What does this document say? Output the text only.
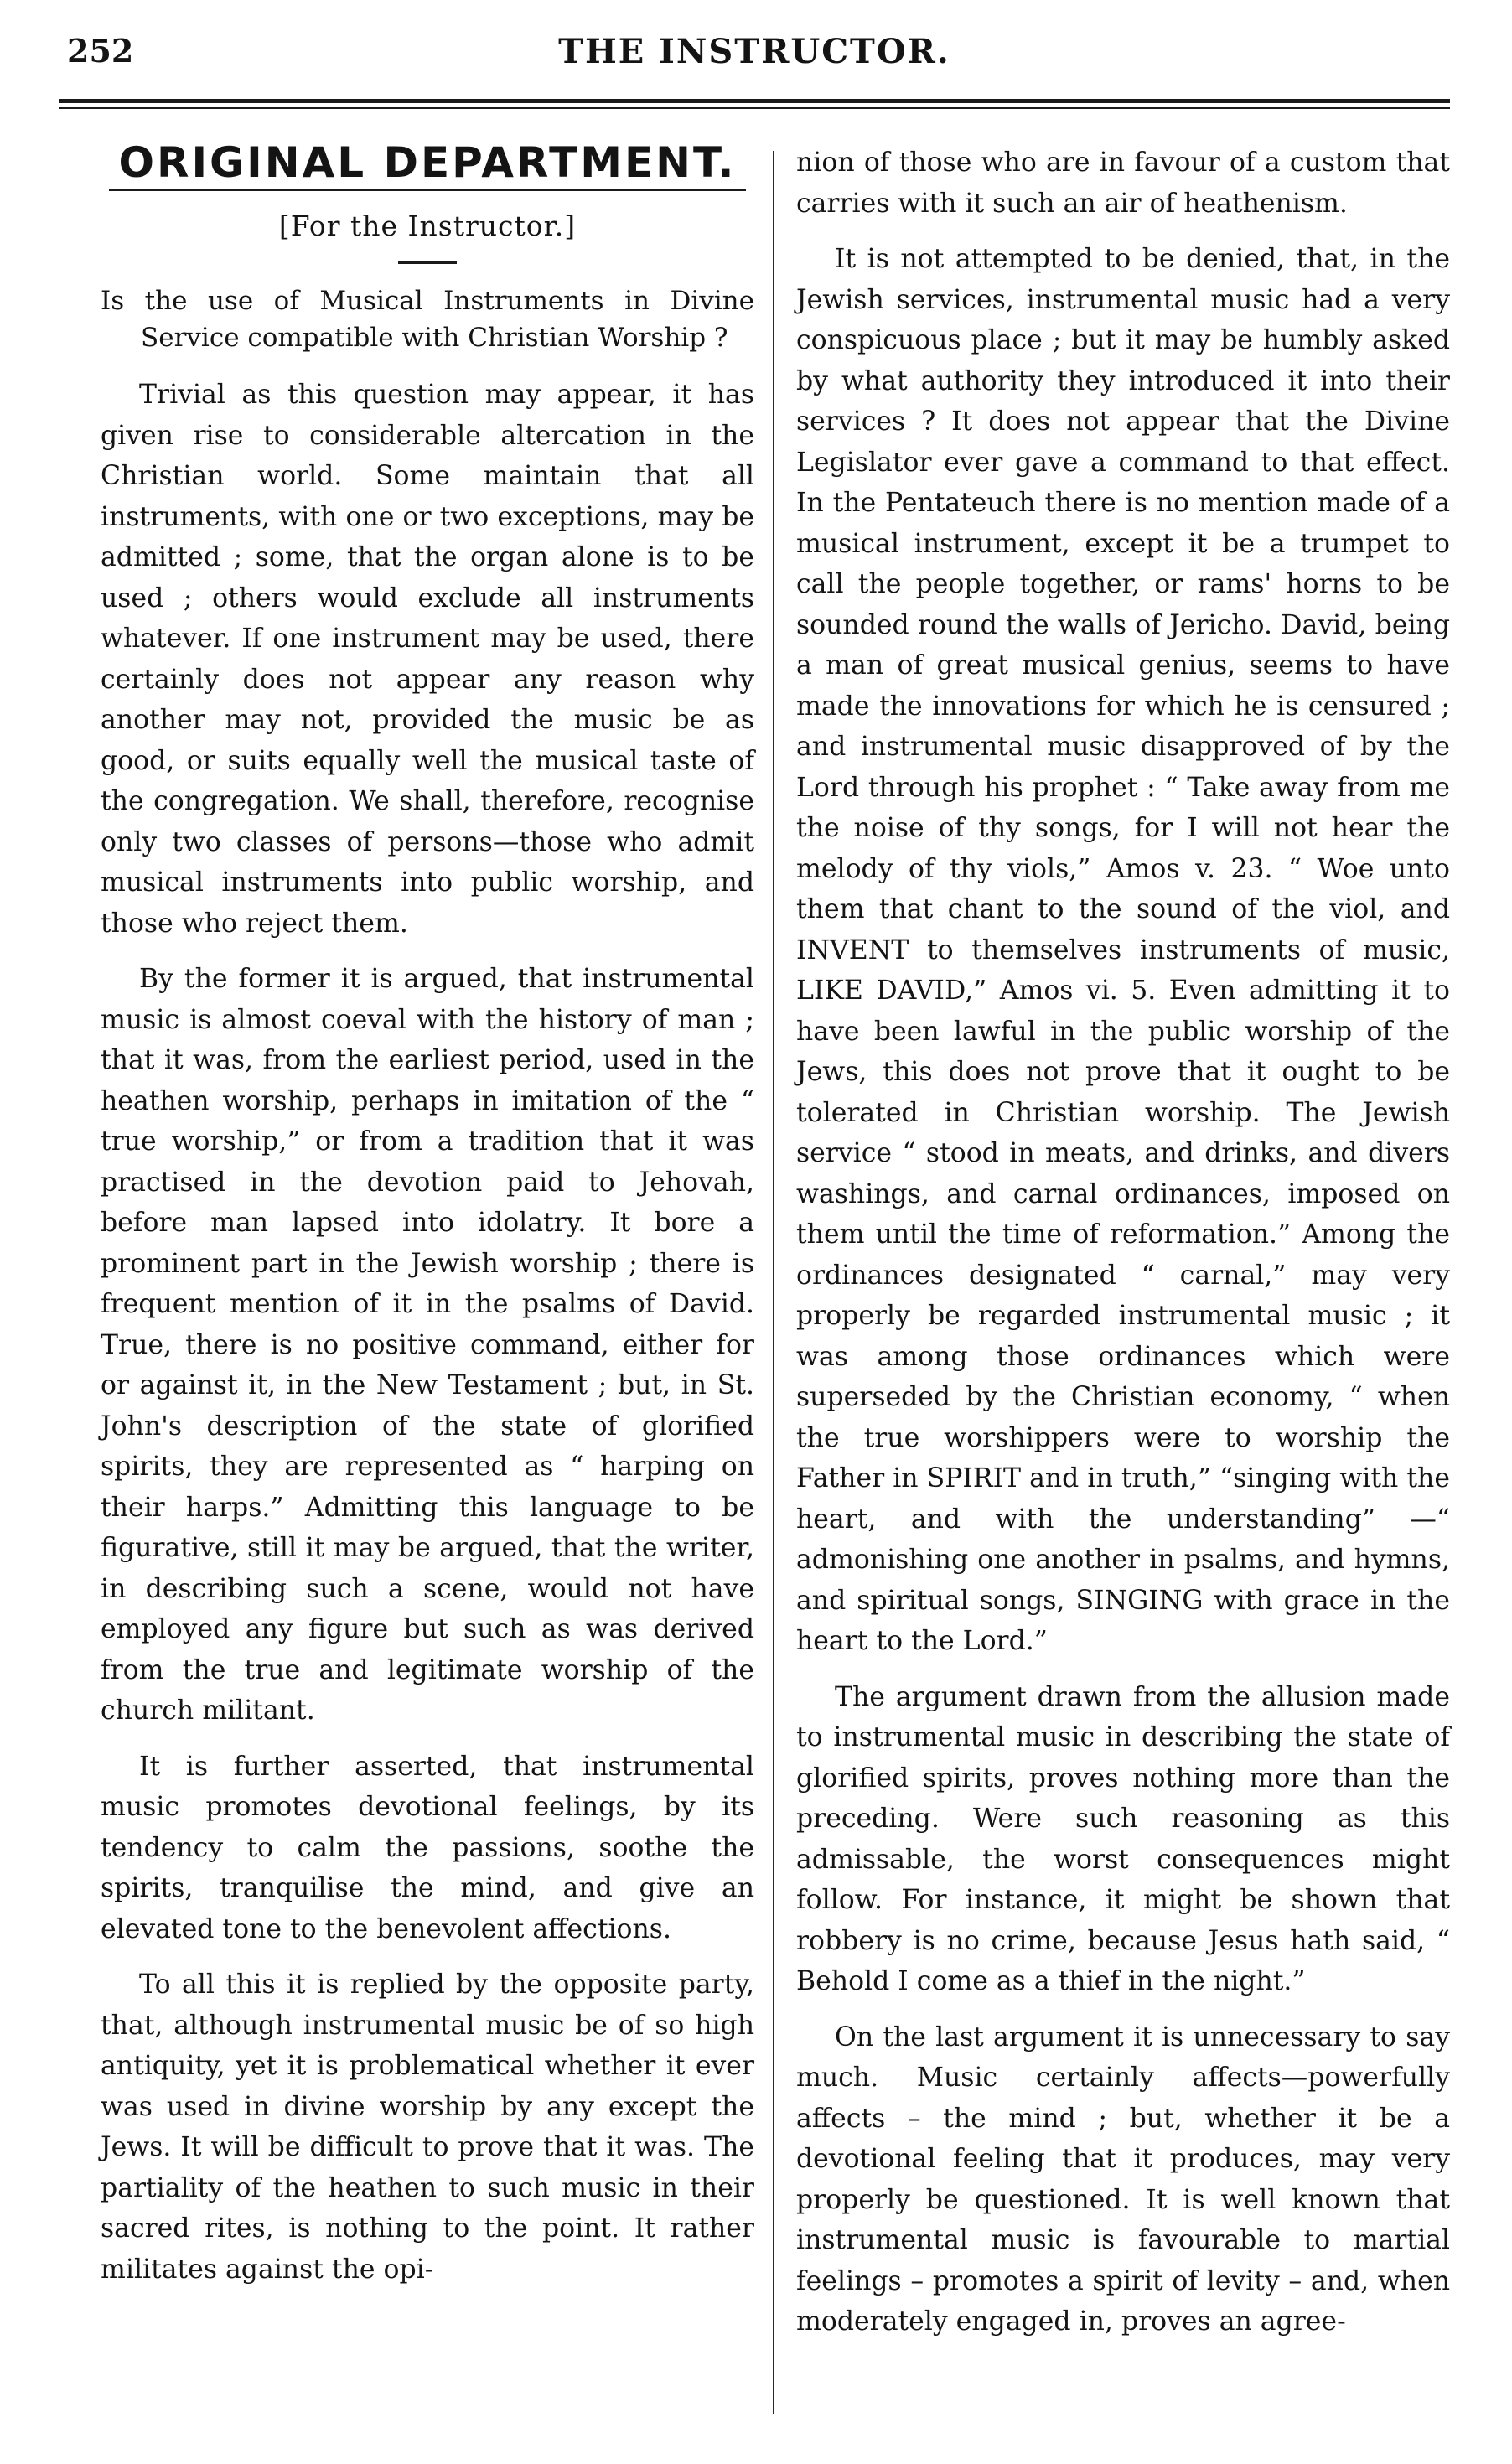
252	THE INSTRUCTOR.
ORIGINAL DEPARTMENT.
[For the Instructor.]
Is the use of Musical Instruments in Divine Service compatible with Christian Worship ?

Trivial as this question may appear, it has given rise to considerable altercation in the Christian world. Some maintain that all instruments, with one or two exceptions, may be admitted ; some, that the organ alone is to be used ; others would exclude all instruments whatever. If one instrument may be used, there certainly does not appear any reason why another may not, provided the music be as good, or suits equally well the musical taste of the congregation. We shall, therefore, recognise only two classes of persons—those who admit musical instruments into public worship, and those who reject them.

By the former it is argued, that instrumental music is almost coeval with the history of man ; that it was, from the earliest period, used in the heathen worship, perhaps in imitation of the “ true worship,” or from a tradition that it was practised in the devotion paid to Jehovah, before man lapsed into idolatry. It bore a prominent part in the Jewish worship ; there is frequent mention of it in the psalms of David. True, there is no positive command, either for or against it, in the New Testament ; but, in St. John's description of the state of glorified spirits, they are represented as “ harping on their harps.” Admitting this language to be figurative, still it may be argued, that the writer, in describing such a scene, would not have employed any figure but such as was derived from the true and legitimate worship of the church militant.

It is further asserted, that instrumental music promotes devotional feelings, by its tendency to calm the passions, soothe the spirits, tranquilise the mind, and give an elevated tone to the benevolent affections.

To all this it is replied by the opposite party, that, although instrumental music be of so high antiquity, yet it is problematical whether it ever was used in divine worship by any except the Jews. It will be difficult to prove that it was. The partiality of the heathen to such music in their sacred rites, is nothing to the point. It rather militates against the opi-

nion of those who are in favour of a custom that carries with it such an air of heathenism.

It is not attempted to be denied, that, in the Jewish services, instrumental music had a very conspicuous place ; but it may be humbly asked by what authority they introduced it into their services ? It does not appear that the Divine Legislator ever gave a command to that effect. In the Pentateuch there is no mention made of a musical instrument, except it be a trumpet to call the people together, or rams' horns to be sounded round the walls of Jericho. David, being a man of great musical genius, seems to have made the innovations for which he is censured ; and instrumental music disapproved of by the Lord through his prophet : “ Take away from me the noise of thy songs, for I will not hear the melody of thy viols,” Amos v. 23. “ Woe unto them that chant to the sound of the viol, and INVENT to themselves instruments of music, LIKE DAVID,” Amos vi. 5. Even admitting it to have been lawful in the public worship of the Jews, this does not prove that it ought to be tolerated in Christian worship. The Jewish service “ stood in meats, and drinks, and divers washings, and carnal ordinances, imposed on them until the time of reformation.” Among the ordinances designated “ carnal,” may very properly be regarded instrumental music ; it was among those ordinances which were superseded by the Christian economy, “ when the true worshippers were to worship the Father in SPIRIT and in truth,” “singing with the heart, and with the understanding” —“ admonishing one another in psalms, and hymns, and spiritual songs, SINGING with grace in the heart to the Lord.”

The argument drawn from the allusion made to instrumental music in describing the state of glorified spirits, proves nothing more than the preceding. Were such reasoning as this admissable, the worst consequences might follow. For instance, it might be shown that robbery is no crime, because Jesus hath said, “ Behold I come as a thief in the night.”

On the last argument it is unnecessary to say much. Music certainly affects—powerfully affects – the mind ; but, whether it be a devotional feeling that it produces, may very properly be questioned. It is well known that instrumental music is favourable to martial feelings – promotes a spirit of levity – and, when moderately engaged in, proves an agree-
